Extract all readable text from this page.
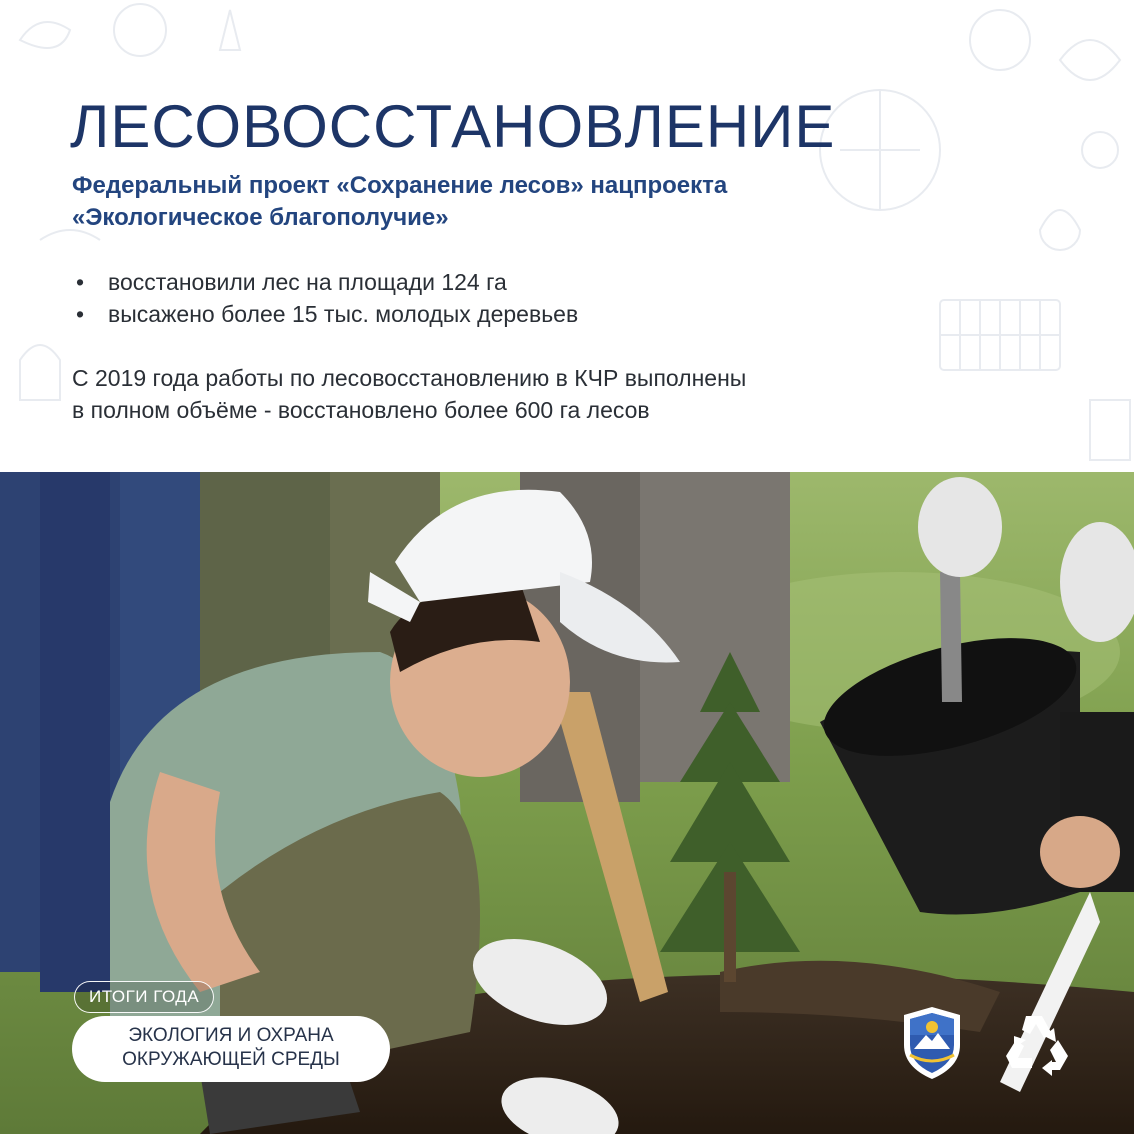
ЛЕСОВОССТАНОВЛЕНИЕ

Федеральный проект «Сохранение лесов» нацпроекта
«Экологическое благополучие»

• восстановили лес на площади 124 га
• высажено более 15 тыс. молодых деревьев

С 2019 года работы по лесовосстановлению в КЧР выполнены
в полном объёме - восстановлено более 600 га лесов

ИТОГИ ГОДА
ЭКОЛОГИЯ И ОХРАНА
ОКРУЖАЮЩЕЙ СРЕДЫ
